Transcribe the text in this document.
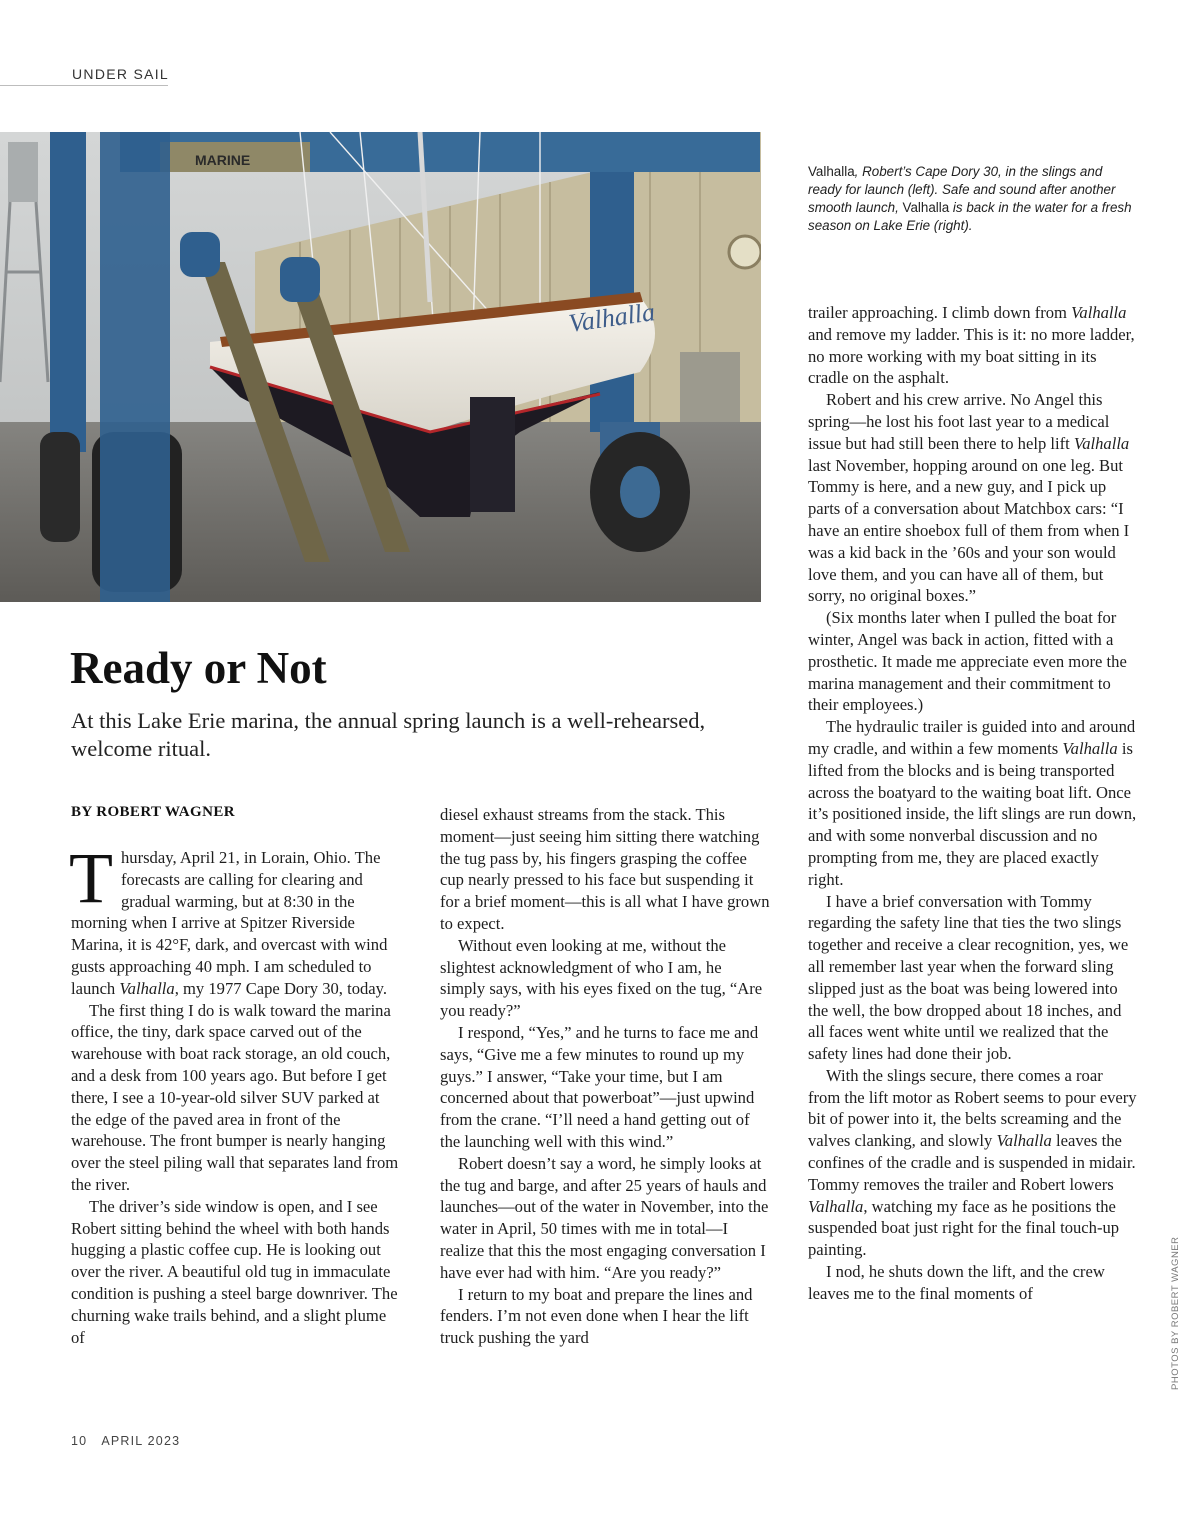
UNDER SAIL
MARINE
Valhalla
Valhalla, Robert’s Cape Dory 30, in the slings and ready for launch (left). Safe and sound after another smooth launch, Valhalla is back in the water for a fresh season on Lake Erie (right).
Ready or Not

At this Lake Erie marina, the annual spring launch is a well-rehearsed, welcome ritual.

BY ROBERT WAGNER

Thursday, April 21, in Lorain, Ohio. The forecasts are calling for clearing and gradual warming, but at 8:30 in the morning when I arrive at Spitzer Riverside Marina, it is 42°F, dark, and overcast with wind gusts approaching 40 mph. I am scheduled to launch Valhalla, my 1977 Cape Dory 30, today.

The first thing I do is walk toward the marina office, the tiny, dark space carved out of the warehouse with boat rack storage, an old couch, and a desk from 100 years ago. But before I get there, I see a 10-year-old silver SUV parked at the edge of the paved area in front of the warehouse. The front bumper is nearly hanging over the steel piling wall that separates land from the river.

The driver’s side window is open, and I see Robert sitting behind the wheel with both hands hugging a plastic coffee cup. He is looking out over the river. A beautiful old tug in immaculate condition is pushing a steel barge downriver. The churning wake trails behind, and a slight plume of

diesel exhaust streams from the stack. This moment—just seeing him sitting there watching the tug pass by, his fingers grasping the coffee cup nearly pressed to his face but suspending it for a brief moment—this is all what I have grown to expect.

Without even looking at me, without the slightest acknowledgment of who I am, he simply says, with his eyes fixed on the tug, “Are you ready?”

I respond, “Yes,” and he turns to face me and says, “Give me a few minutes to round up my guys.” I answer, “Take your time, but I am concerned about that powerboat”—just upwind from the crane. “I’ll need a hand getting out of the launching well with this wind.”

Robert doesn’t say a word, he simply looks at the tug and barge, and after 25 years of hauls and launches—out of the water in November, into the water in April, 50 times with me in total—I realize that this the most engaging conversation I have ever had with him. “Are you ready?”

I return to my boat and prepare the lines and fenders. I’m not even done when I hear the lift truck pushing the yard

trailer approaching. I climb down from Valhalla and remove my ladder. This is it: no more ladder, no more working with my boat sitting in its cradle on the asphalt.

Robert and his crew arrive. No Angel this spring—he lost his foot last year to a medical issue but had still been there to help lift Valhalla last November, hopping around on one leg. But Tommy is here, and a new guy, and I pick up parts of a conversation about Matchbox cars: “I have an entire shoebox full of them from when I was a kid back in the ’60s and your son would love them, and you can have all of them, but sorry, no original boxes.”

(Six months later when I pulled the boat for winter, Angel was back in action, fitted with a prosthetic. It made me appreciate even more the marina management and their commitment to their employees.)

The hydraulic trailer is guided into and around my cradle, and within a few moments Valhalla is lifted from the blocks and is being transported across the boatyard to the waiting boat lift. Once it’s positioned inside, the lift slings are run down, and with some nonverbal discussion and no prompting from me, they are placed exactly right.

I have a brief conversation with Tommy regarding the safety line that ties the two slings together and receive a clear recognition, yes, we all remember last year when the forward sling slipped just as the boat was being lowered into the well, the bow dropped about 18 inches, and all faces went white until we realized that the safety lines had done their job.

With the slings secure, there comes a roar from the lift motor as Robert seems to pour every bit of power into it, the belts screaming and the valves clanking, and slowly Valhalla leaves the confines of the cradle and is suspended in midair. Tommy removes the trailer and Robert lowers Valhalla, watching my face as he positions the suspended boat just right for the final touch-up painting.

I nod, he shuts down the lift, and the crew leaves me to the final moments of	PHOTOS BY ROBERT WAGNER
10 APRIL 2023
